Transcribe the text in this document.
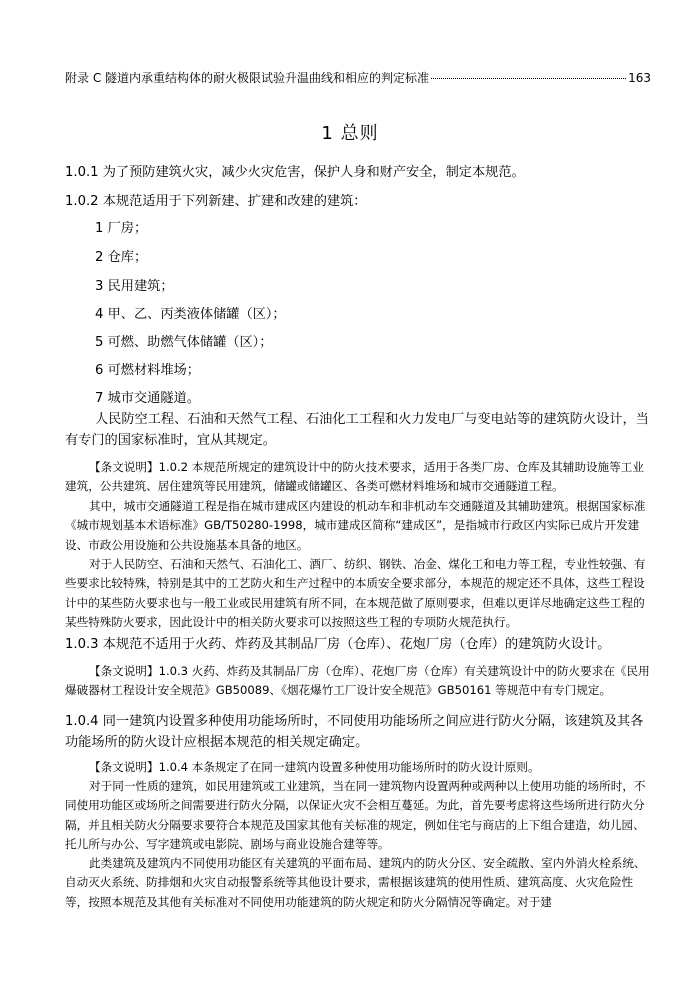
附录 C 隧道内承重结构体的耐火极限试验升温曲线和相应的判定标准	163
1 总则
1.0.1 为了预防建筑火灾，减少火灾危害，保护人身和财产安全，制定本规范。
1.0.2 本规范适用于下列新建、扩建和改建的建筑：
1 厂房；
2 仓库；
3 民用建筑；
4 甲、乙、丙类液体储罐（区）；
5 可燃、助燃气体储罐（区）；
6 可燃材料堆场；
7 城市交通隧道。
人民防空工程、石油和天然气工程、石油化工工程和火力发电厂与变电站等的建筑防火设计，当有专门的国家标准时，宜从其规定。
【条文说明】1.0.2 本规范所规定的建筑设计中的防火技术要求，适用于各类厂房、仓库及其辅助设施等工业建筑，公共建筑、居住建筑等民用建筑，储罐或储罐区、各类可燃材料堆场和城市交通隧道工程。
其中，城市交通隧道工程是指在城市建成区内建设的机动车和非机动车交通隧道及其辅助建筑。根据国家标准《城市规划基本术语标准》GB/T50280-1998，城市建成区简称“建成区”，是指城市行政区内实际已成片开发建设、市政公用设施和公共设施基本具备的地区。
对于人民防空、石油和天然气、石油化工、酒厂、纺织、钢铁、冶金、煤化工和电力等工程，专业性较强、有些要求比较特殊，特别是其中的工艺防火和生产过程中的本质安全要求部分，本规范的规定还不具体，这些工程设计中的某些防火要求也与一般工业或民用建筑有所不同，在本规范做了原则要求，但难以更详尽地确定这些工程的某些特殊防火要求，因此设计中的相关防火要求可以按照这些工程的专项防火规范执行。
1.0.3 本规范不适用于火药、炸药及其制品厂房（仓库）、花炮厂房（仓库）的建筑防火设计。
【条文说明】1.0.3 火药、炸药及其制品厂房（仓库）、花炮厂房（仓库）有关建筑设计中的防火要求在《民用爆破器材工程设计安全规范》GB50089、《烟花爆竹工厂设计安全规范》GB50161 等规范中有专门规定。
1.0.4 同一建筑内设置多种使用功能场所时，不同使用功能场所之间应进行防火分隔，该建筑及其各功能场所的防火设计应根据本规范的相关规定确定。
【条文说明】1.0.4 本条规定了在同一建筑内设置多种使用功能场所时的防火设计原则。
对于同一性质的建筑，如民用建筑或工业建筑，当在同一建筑物内设置两种或两种以上使用功能的场所时，不同使用功能区或场所之间需要进行防火分隔，以保证火灾不会相互蔓延。为此，首先要考虑将这些场所进行防火分隔，并且相关防火分隔要求要符合本规范及国家其他有关标准的规定，例如住宅与商店的上下组合建造，幼儿园、托儿所与办公、写字建筑或电影院、剧场与商业设施合建等等。
此类建筑及建筑内不同使用功能区有关建筑的平面布局、建筑内的防火分区、安全疏散、室内外消火栓系统、自动灭火系统、防排烟和火灾自动报警系统等其他设计要求，需根据该建筑的使用性质、建筑高度、火灾危险性等，按照本规范及其他有关标准对不同使用功能建筑的防火规定和防火分隔情况等确定。对于建
